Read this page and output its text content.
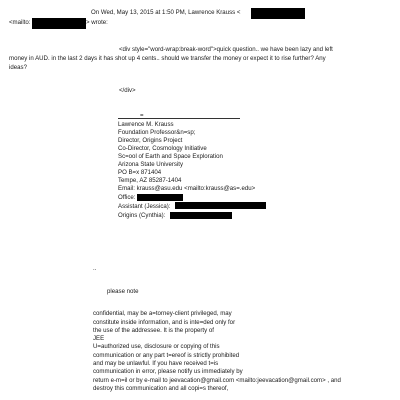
On Wed, May 13, 2015 at 1:50 PM, Lawrence Krauss <
<mailto:	> wrote:
<div style="word-wrap:break-word">quick question.. we have been lazy and left
money in AUD. in the last 2 days it has shot up 4 cents.. should we transfer the money or expect it to rise further? Any
ideas?
</div>
=
Lawrence M. Krauss
Foundation Professor&n=sp;
Director, Origins Project
Co-Director, Cosmology Initiative
Sc=ool of Earth and Space Exploration
Arizona State University
PO B=x 871404
Tempe, AZ 85287-1404
Email: krauss@asu.edu <mailto:krauss@as=.edu>
Office:
Assistant (Jessica):
Origins (Cynthia):
..
please note
confidential, may be a=torney-client privileged, may
constitute inside information, and is inte=ded only for
the use of the addressee. It is the property of
JEE
U=authorized use, disclosure or copying of this
communication or any part t=ereof is strictly prohibited
and may be unlawful. If you have received t=is
communication in error, please notify us immediately by
return e-m=il or by e-mail to jeevacation@gmail.com <mailto:jeevacation@gmail.com> , and
destroy this communication and all copi=s thereof,
